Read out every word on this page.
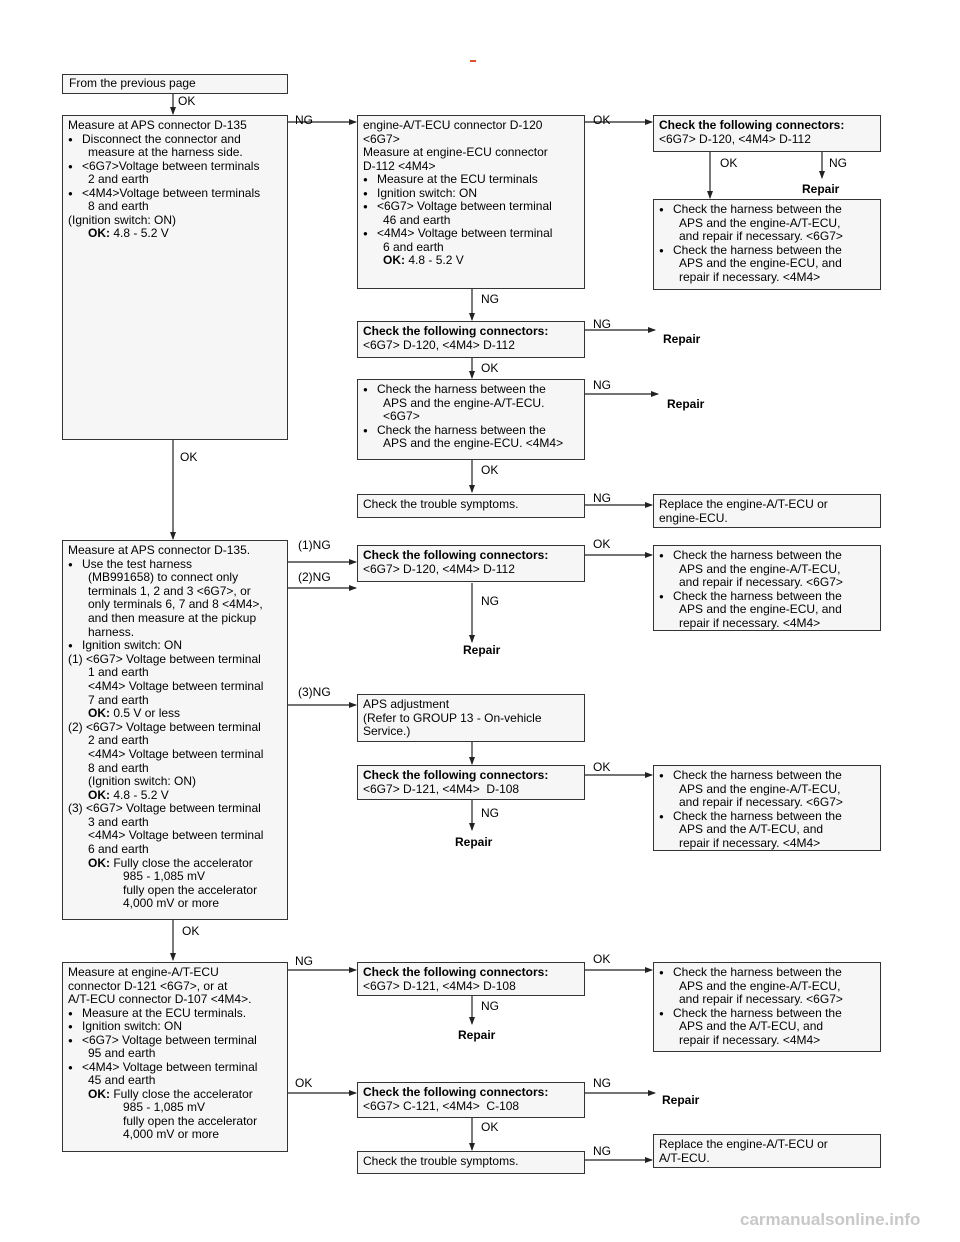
From the previous page
Measure at APS connector D-135
● Disconnect the connector and
measure at the harness side.
● <6G7>Voltage between terminals
2 and earth
● <4M4>Voltage between terminals
8 and earth
(Ignition switch: ON)
OK: 4.8 - 5.2 V
engine-A/T-ECU connector D-120
<6G7>
Measure at engine-ECU connector
D-112 <4M4>
● Measure at the ECU terminals
● Ignition switch: ON
● <6G7> Voltage between terminal
46 and earth
● <4M4> Voltage between terminal
6 and earth
OK: 4.8 - 5.2 V
Check the following connectors:
<6G7> D-120, <4M4> D-112
● Check the harness between the
APS and the engine-A/T-ECU,
and repair if necessary. <6G7>
● Check the harness between the
APS and the engine-ECU, and
repair if necessary. <4M4>
Check the following connectors:
<6G7> D-120, <4M4> D-112
● Check the harness between the
APS and the engine-A/T-ECU.
<6G7>
● Check the harness between the
APS and the engine-ECU. <4M4>
Check the trouble symptoms.	Replace the engine-A/T-ECU or
engine-ECU.
Measure at APS connector D-135.
● Use the test harness
(MB991658) to connect only
terminals 1, 2 and 3 <6G7>, or
only terminals 6, 7 and 8 <4M4>,
and then measure at the pickup
harness.
● Ignition switch: ON
(1) <6G7> Voltage between terminal
1 and earth
<4M4> Voltage between terminal
7 and earth
OK: 0.5 V or less
(2) <6G7> Voltage between terminal
2 and earth
<4M4> Voltage between terminal
8 and earth
(Ignition switch: ON)
OK: 4.8 - 5.2 V
(3) <6G7> Voltage between terminal
3 and earth
<4M4> Voltage between terminal
6 and earth
OK: Fully close the accelerator
985 - 1,085 mV
fully open the accelerator
4,000 mV or more
Check the following connectors:
<6G7> D-120, <4M4> D-112
● Check the harness between the
APS and the engine-A/T-ECU,
and repair if necessary. <6G7>
● Check the harness between the
APS and the engine-ECU, and
repair if necessary. <4M4>
APS adjustment
(Refer to GROUP 13 - On-vehicle
Service.)
Check the following connectors:
<6G7> D-121, <4M4>  D-108
● Check the harness between the
APS and the engine-A/T-ECU,
and repair if necessary. <6G7>
● Check the harness between the
APS and the A/T-ECU, and
repair if necessary. <4M4>
Measure at engine-A/T-ECU
connector D-121 <6G7>, or at
A/T-ECU connector D-107 <4M4>.
● Measure at the ECU terminals.
● Ignition switch: ON
● <6G7> Voltage between terminal
95 and earth
● <4M4> Voltage between terminal
45 and earth
OK: Fully close the accelerator
985 - 1,085 mV
fully open the accelerator
4,000 mV or more
Check the following connectors:
<6G7> D-121, <4M4> D-108
● Check the harness between the
APS and the engine-A/T-ECU,
and repair if necessary. <6G7>
● Check the harness between the
APS and the A/T-ECU, and
repair if necessary. <4M4>
Check the following connectors:
<6G7> C-121, <4M4>  C-108
Check the trouble symptoms.
Replace the engine-A/T-ECU or
A/T-ECU.
OK
NG	OK
OK	NG
Repair
NG
NG
Repair
OK
NG
Repair
OK
OK
NG
(1)NG
(2)NG
OK
NG
Repair
(3)NG
OK
NG
Repair
OK
NG	OK
NG
Repair
OK	NG
Repair
OK
NG
carmanualsonline.info
